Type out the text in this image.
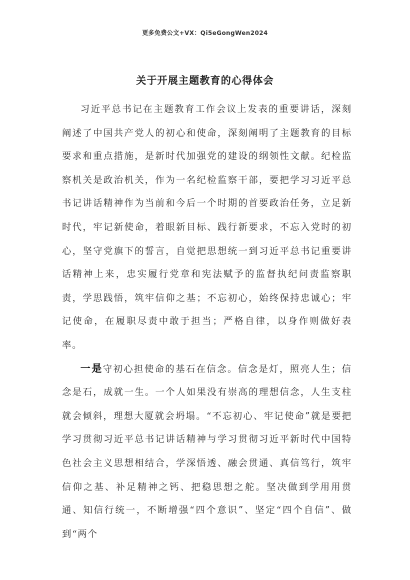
更多免费公文+VX：Qi5eGongWen2024
关于开展主题教育的心得体会

习近平总书记在主题教育工作会议上发表的重要讲话，深刻阐述了中国共产党人的初心和使命，深刻阐明了主题教育的目标要求和重点措施，是新时代加强党的建设的纲领性文献。纪检监察机关是政治机关，作为一名纪检监察干部，要把学习习近平总书记讲话精神作为当前和今后一个时期的首要政治任务，立足新时代，牢记新使命，着眼新目标、践行新要求，不忘入党时的初心，坚守党旗下的誓言，自觉把思想统一到习近平总书记重要讲话精神上来，忠实履行党章和宪法赋予的监督执纪问责监察职责，学思践悟，筑牢信仰之基；不忘初心，始终保持忠诚心；牢记使命，在履职尽责中敢于担当；严格自律，以身作则做好表率。

一是守初心担使命的基石在信念。信念是灯，照亮人生；信念是石，成就一生。一个人如果没有崇高的理想信念，人生支柱就会倾斜，理想大厦就会坍塌。“不忘初心、牢记使命”就是要把学习贯彻习近平总书记讲话精神与学习贯彻习近平新时代中国特色社会主义思想相结合，学深悟透、融会贯通、真信笃行，筑牢信仰之基、补足精神之钙、把稳思想之舵。坚决做到学用用贯通、知信行统一，不断增强“四个意识”、坚定“四个自信”、做到“两个
